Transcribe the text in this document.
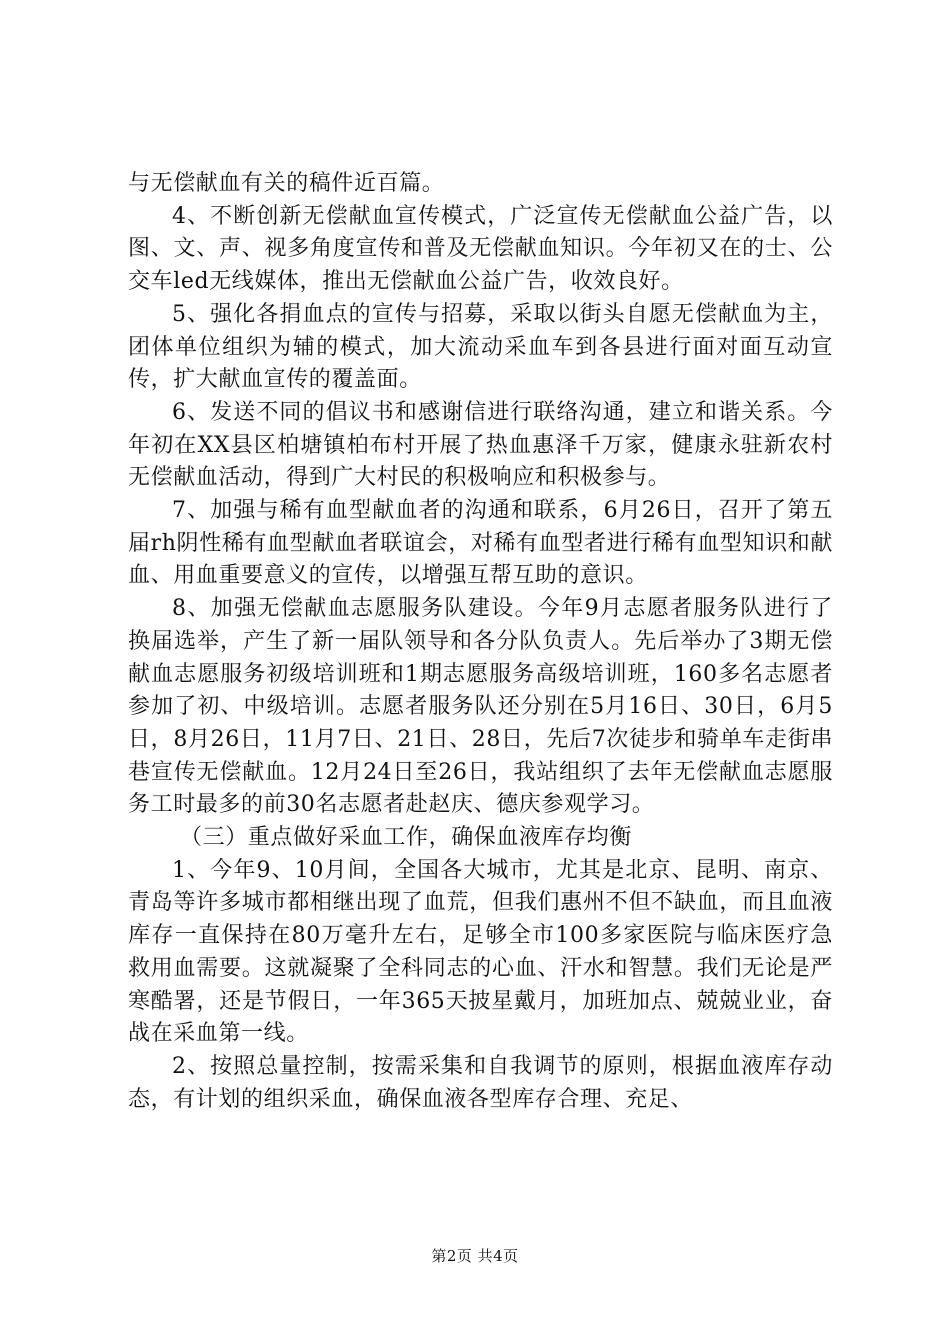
与无偿献血有关的稿件近百篇。

4、不断创新无偿献血宣传模式，广泛宣传无偿献血公益广告，以图、文、声、视多角度宣传和普及无偿献血知识。今年初又在的士、公交车led无线媒体，推出无偿献血公益广告，收效良好。

5、强化各捐血点的宣传与招募，采取以街头自愿无偿献血为主，团体单位组织为辅的模式，加大流动采血车到各县进行面对面互动宣传，扩大献血宣传的覆盖面。

6、发送不同的倡议书和感谢信进行联络沟通，建立和谐关系。今年初在XX县区柏塘镇柏布村开展了热血惠泽千万家，健康永驻新农村无偿献血活动，得到广大村民的积极响应和积极参与。

7、加强与稀有血型献血者的沟通和联系，6月26日，召开了第五届rh阴性稀有血型献血者联谊会，对稀有血型者进行稀有血型知识和献血、用血重要意义的宣传，以增强互帮互助的意识。

8、加强无偿献血志愿服务队建设。今年9月志愿者服务队进行了换届选举，产生了新一届队领导和各分队负责人。先后举办了3期无偿献血志愿服务初级培训班和1期志愿服务高级培训班，160多名志愿者参加了初、中级培训。志愿者服务队还分别在5月16日、30日，6月5日，8月26日，11月7日、21日、28日，先后7次徒步和骑单车走街串巷宣传无偿献血。12月24日至26日，我站组织了去年无偿献血志愿服务工时最多的前30名志愿者赴赵庆、德庆参观学习。

（三）重点做好采血工作，确保血液库存均衡

1、今年9、10月间，全国各大城市，尤其是北京、昆明、南京、青岛等许多城市都相继出现了血荒，但我们惠州不但不缺血，而且血液库存一直保持在80万毫升左右，足够全市100多家医院与临床医疗急救用血需要。这就凝聚了全科同志的心血、汗水和智慧。我们无论是严寒酷署，还是节假日，一年365天披星戴月，加班加点、兢兢业业，奋战在采血第一线。

2、按照总量控制，按需采集和自我调节的原则，根据血液库存动态，有计划的组织采血，确保血液各型库存合理、充足、

第2页 共4页
